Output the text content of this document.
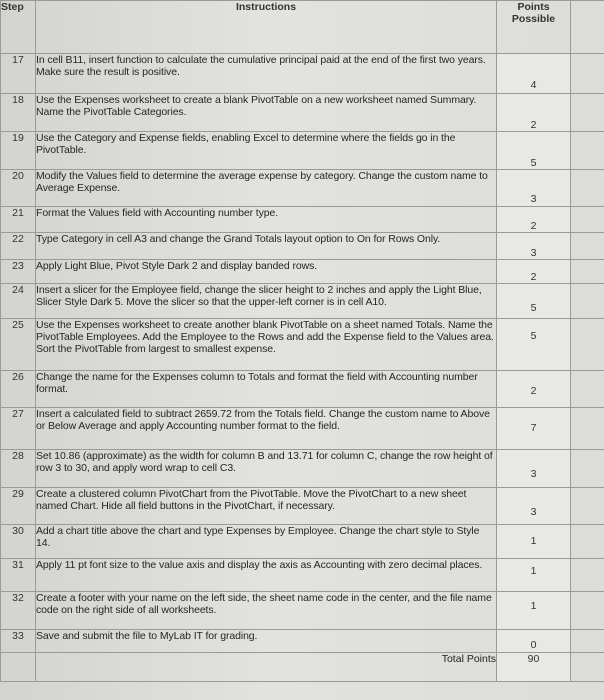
Step	Instructions	Points Possible	
17	In cell B11, insert function to calculate the cumulative principal paid at the end of the first two years. Make sure the result is positive.	4	

18	Use the Expenses worksheet to create a blank PivotTable on a new worksheet named Summary. Name the PivotTable Categories.	2	

19	Use the Category and Expense fields, enabling Excel to determine where the fields go in the PivotTable.	5	

20	Modify the Values field to determine the average expense by category. Change the custom name to Average Expense.	3	

21	Format the Values field with Accounting number type.	2	

22	Type Category in cell A3 and change the Grand Totals layout option to On for Rows Only.	3	

23	Apply Light Blue, Pivot Style Dark 2 and display banded rows.	2	

24	Insert a slicer for the Employee field, change the slicer height to 2 inches and apply the Light Blue, Slicer Style Dark 5. Move the slicer so that the upper-left corner is in cell A10.	5	

25	Use the Expenses worksheet to create another blank PivotTable on a sheet named Totals. Name the PivotTable Employees. Add the Employee to the Rows and add the Expense field to the Values area. Sort the PivotTable from largest to smallest expense.	5	

26	Change the name for the Expenses column to Totals and format the field with Accounting number format.	2	

27	Insert a calculated field to subtract 2659.72 from the Totals field. Change the custom name to Above or Below Average and apply Accounting number format to the field.	7	

28	Set 10.86 (approximate) as the width for column B and 13.71 for column C, change the row height of row 3 to 30, and apply word wrap to cell C3.	3	

29	Create a clustered column PivotChart from the PivotTable. Move the PivotChart to a new sheet named Chart. Hide all field buttons in the PivotChart, if necessary.	3	

30	Add a chart title above the chart and type Expenses by Employee. Change the chart style to Style 14.	1	

31	Apply 11 pt font size to the value axis and display the axis as Accounting with zero decimal places.	1	

32	Create a footer with your name on the left side, the sheet name code in the center, and the file name code on the right side of all worksheets.	1	

33	Save and submit the file to MyLab IT for grading.	0	

	Total Points	90	
